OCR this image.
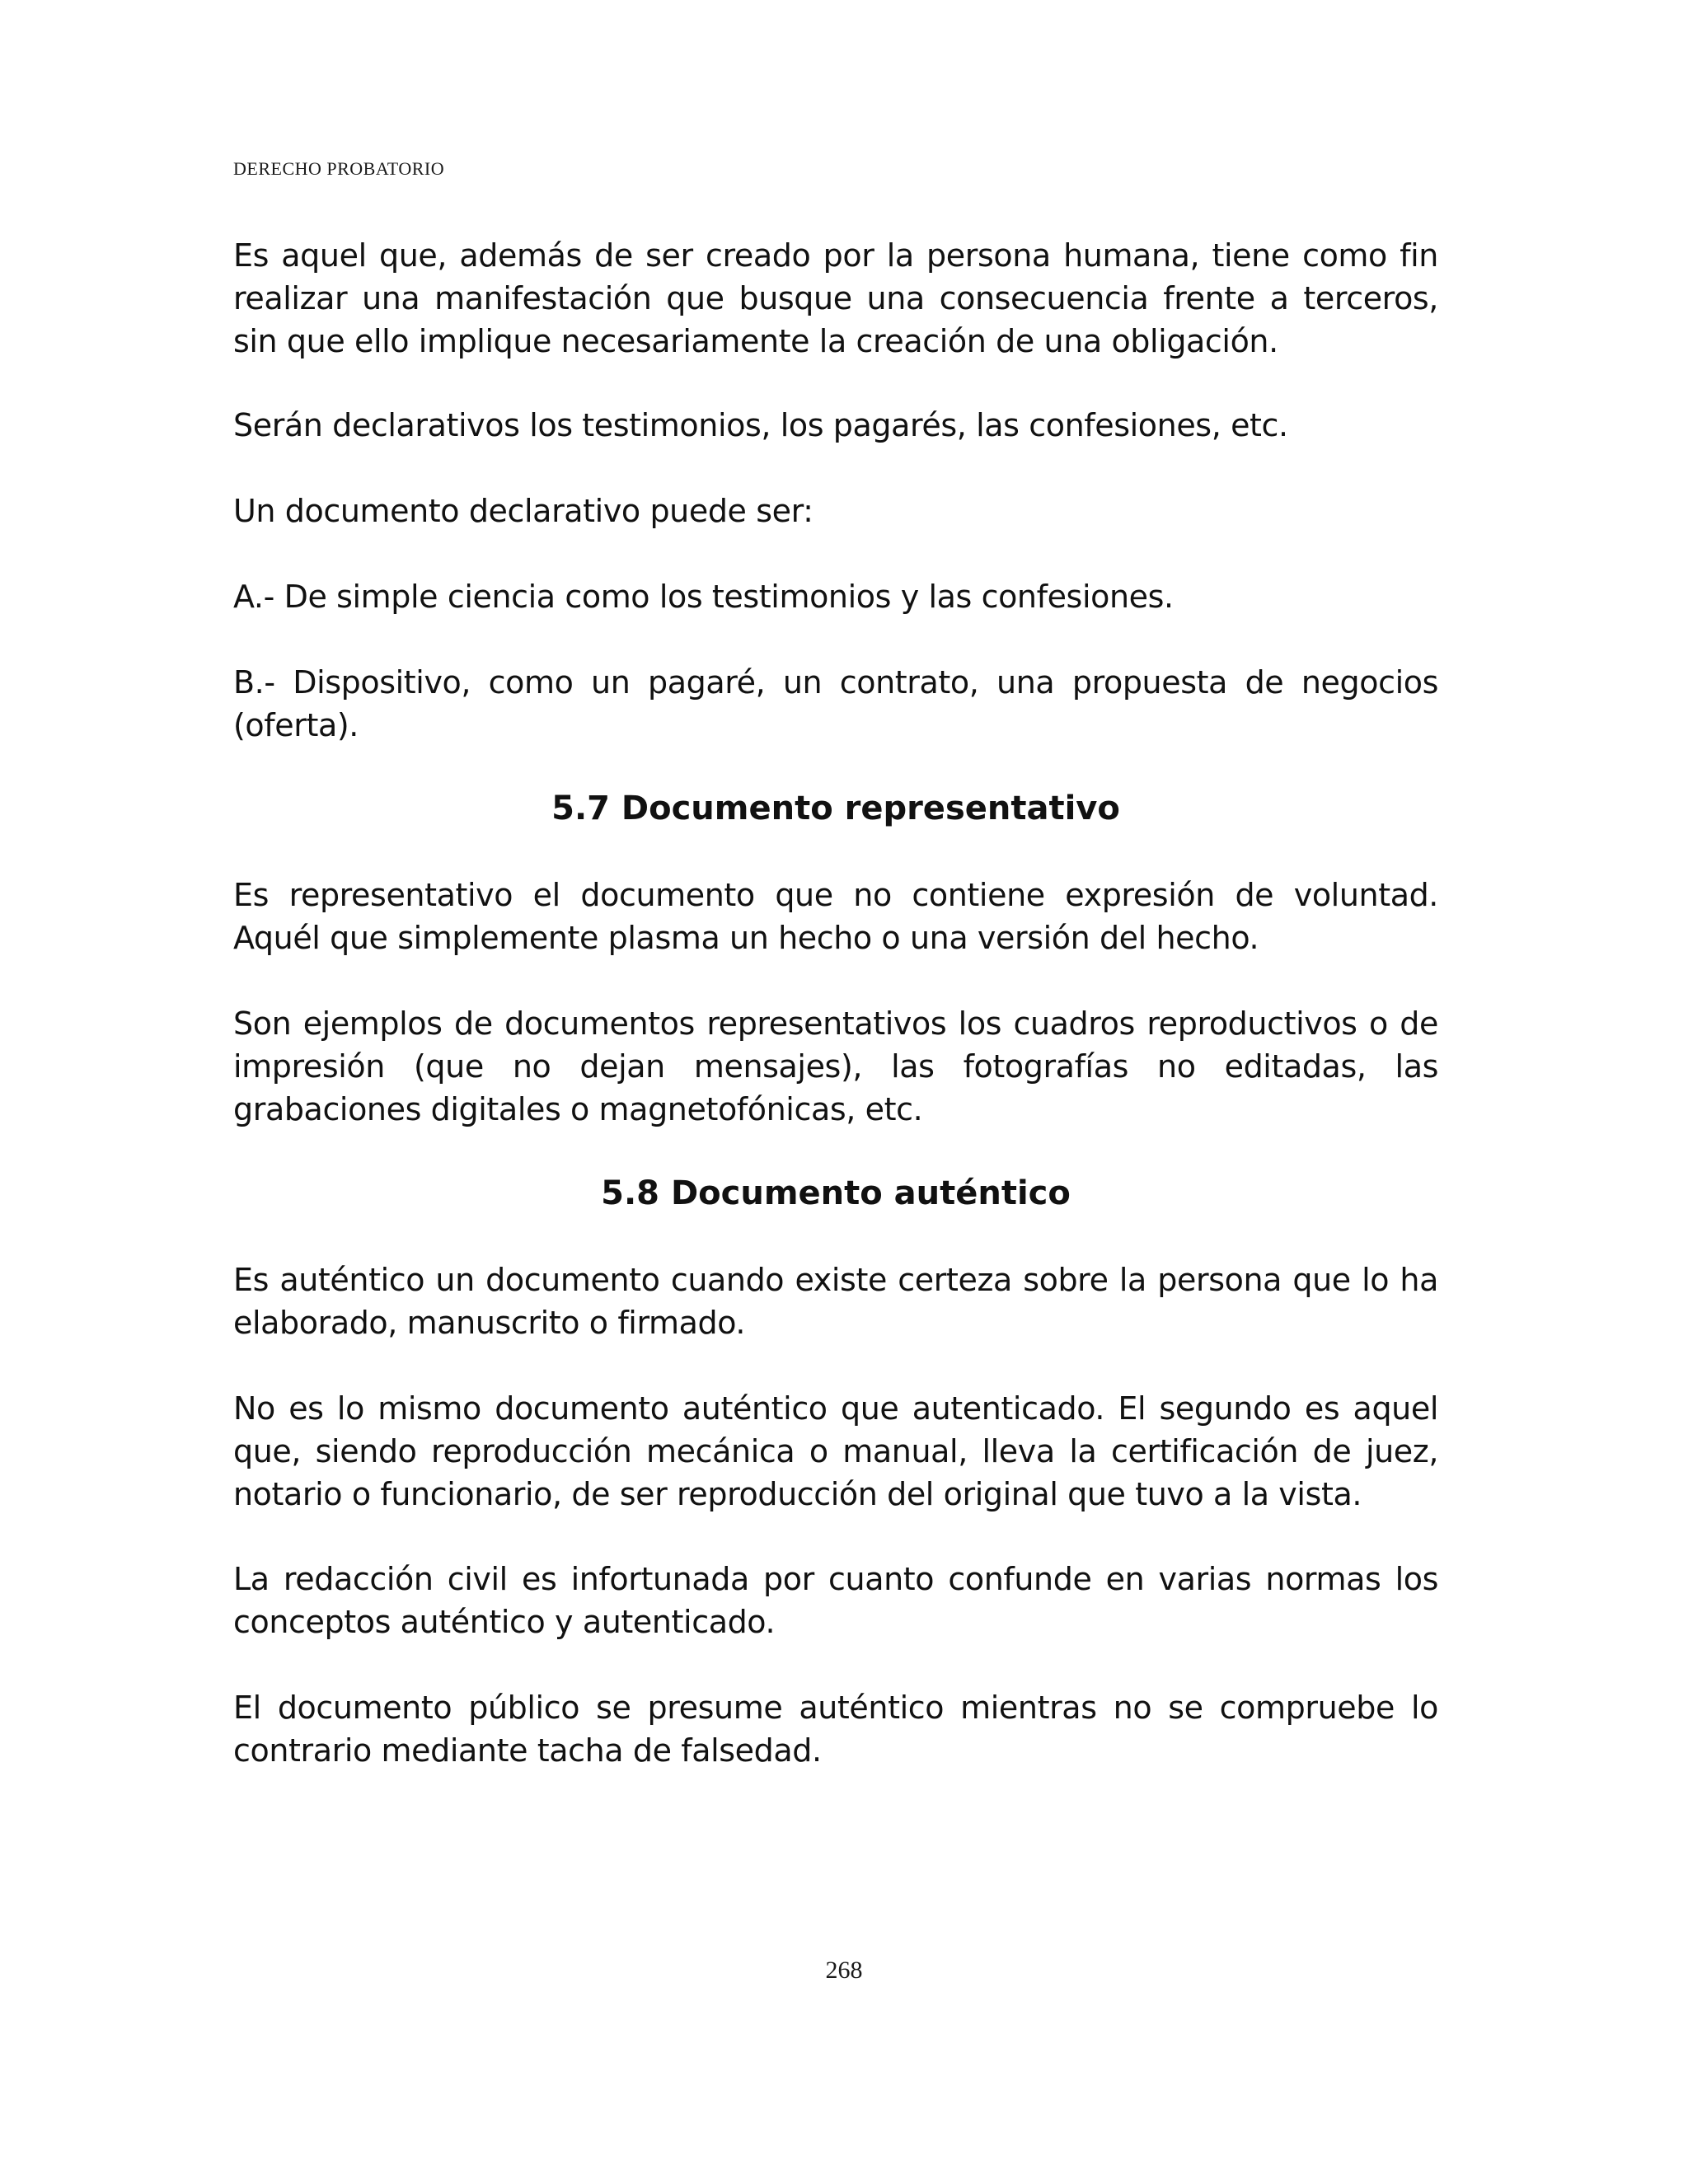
DERECHO PROBATORIO

Es aquel que, además de ser creado por la persona humana, tiene como fin realizar una manifestación que busque una consecuencia frente a terceros, sin que ello implique necesariamente la creación de una obligación.

Serán declarativos los testimonios, los pagarés, las confesiones, etc.

Un documento declarativo puede ser:

A.- De simple ciencia como los testimonios y las confesiones.

B.- Dispositivo, como un pagaré, un contrato, una propuesta de negocios (oferta).

5.7 Documento representativo

Es representativo el documento que no contiene expresión de voluntad. Aquél que simplemente plasma un hecho o una versión del hecho.

Son ejemplos de documentos representativos los cuadros reproductivos o de impresión (que no dejan mensajes), las fotografías no editadas, las grabaciones digitales o magnetofónicas, etc.

5.8 Documento auténtico

Es auténtico un documento cuando existe certeza sobre la persona que lo ha elaborado, manuscrito o firmado.

No es lo mismo documento auténtico que autenticado. El segundo es aquel que, siendo reproducción mecánica o manual, lleva la certificación de juez, notario o funcionario, de ser reproducción del original que tuvo a la vista.

La redacción civil es infortunada por cuanto confunde en varias normas los conceptos auténtico y autenticado.

El documento público se presume auténtico mientras no se compruebe lo contrario mediante tacha de falsedad.

268
